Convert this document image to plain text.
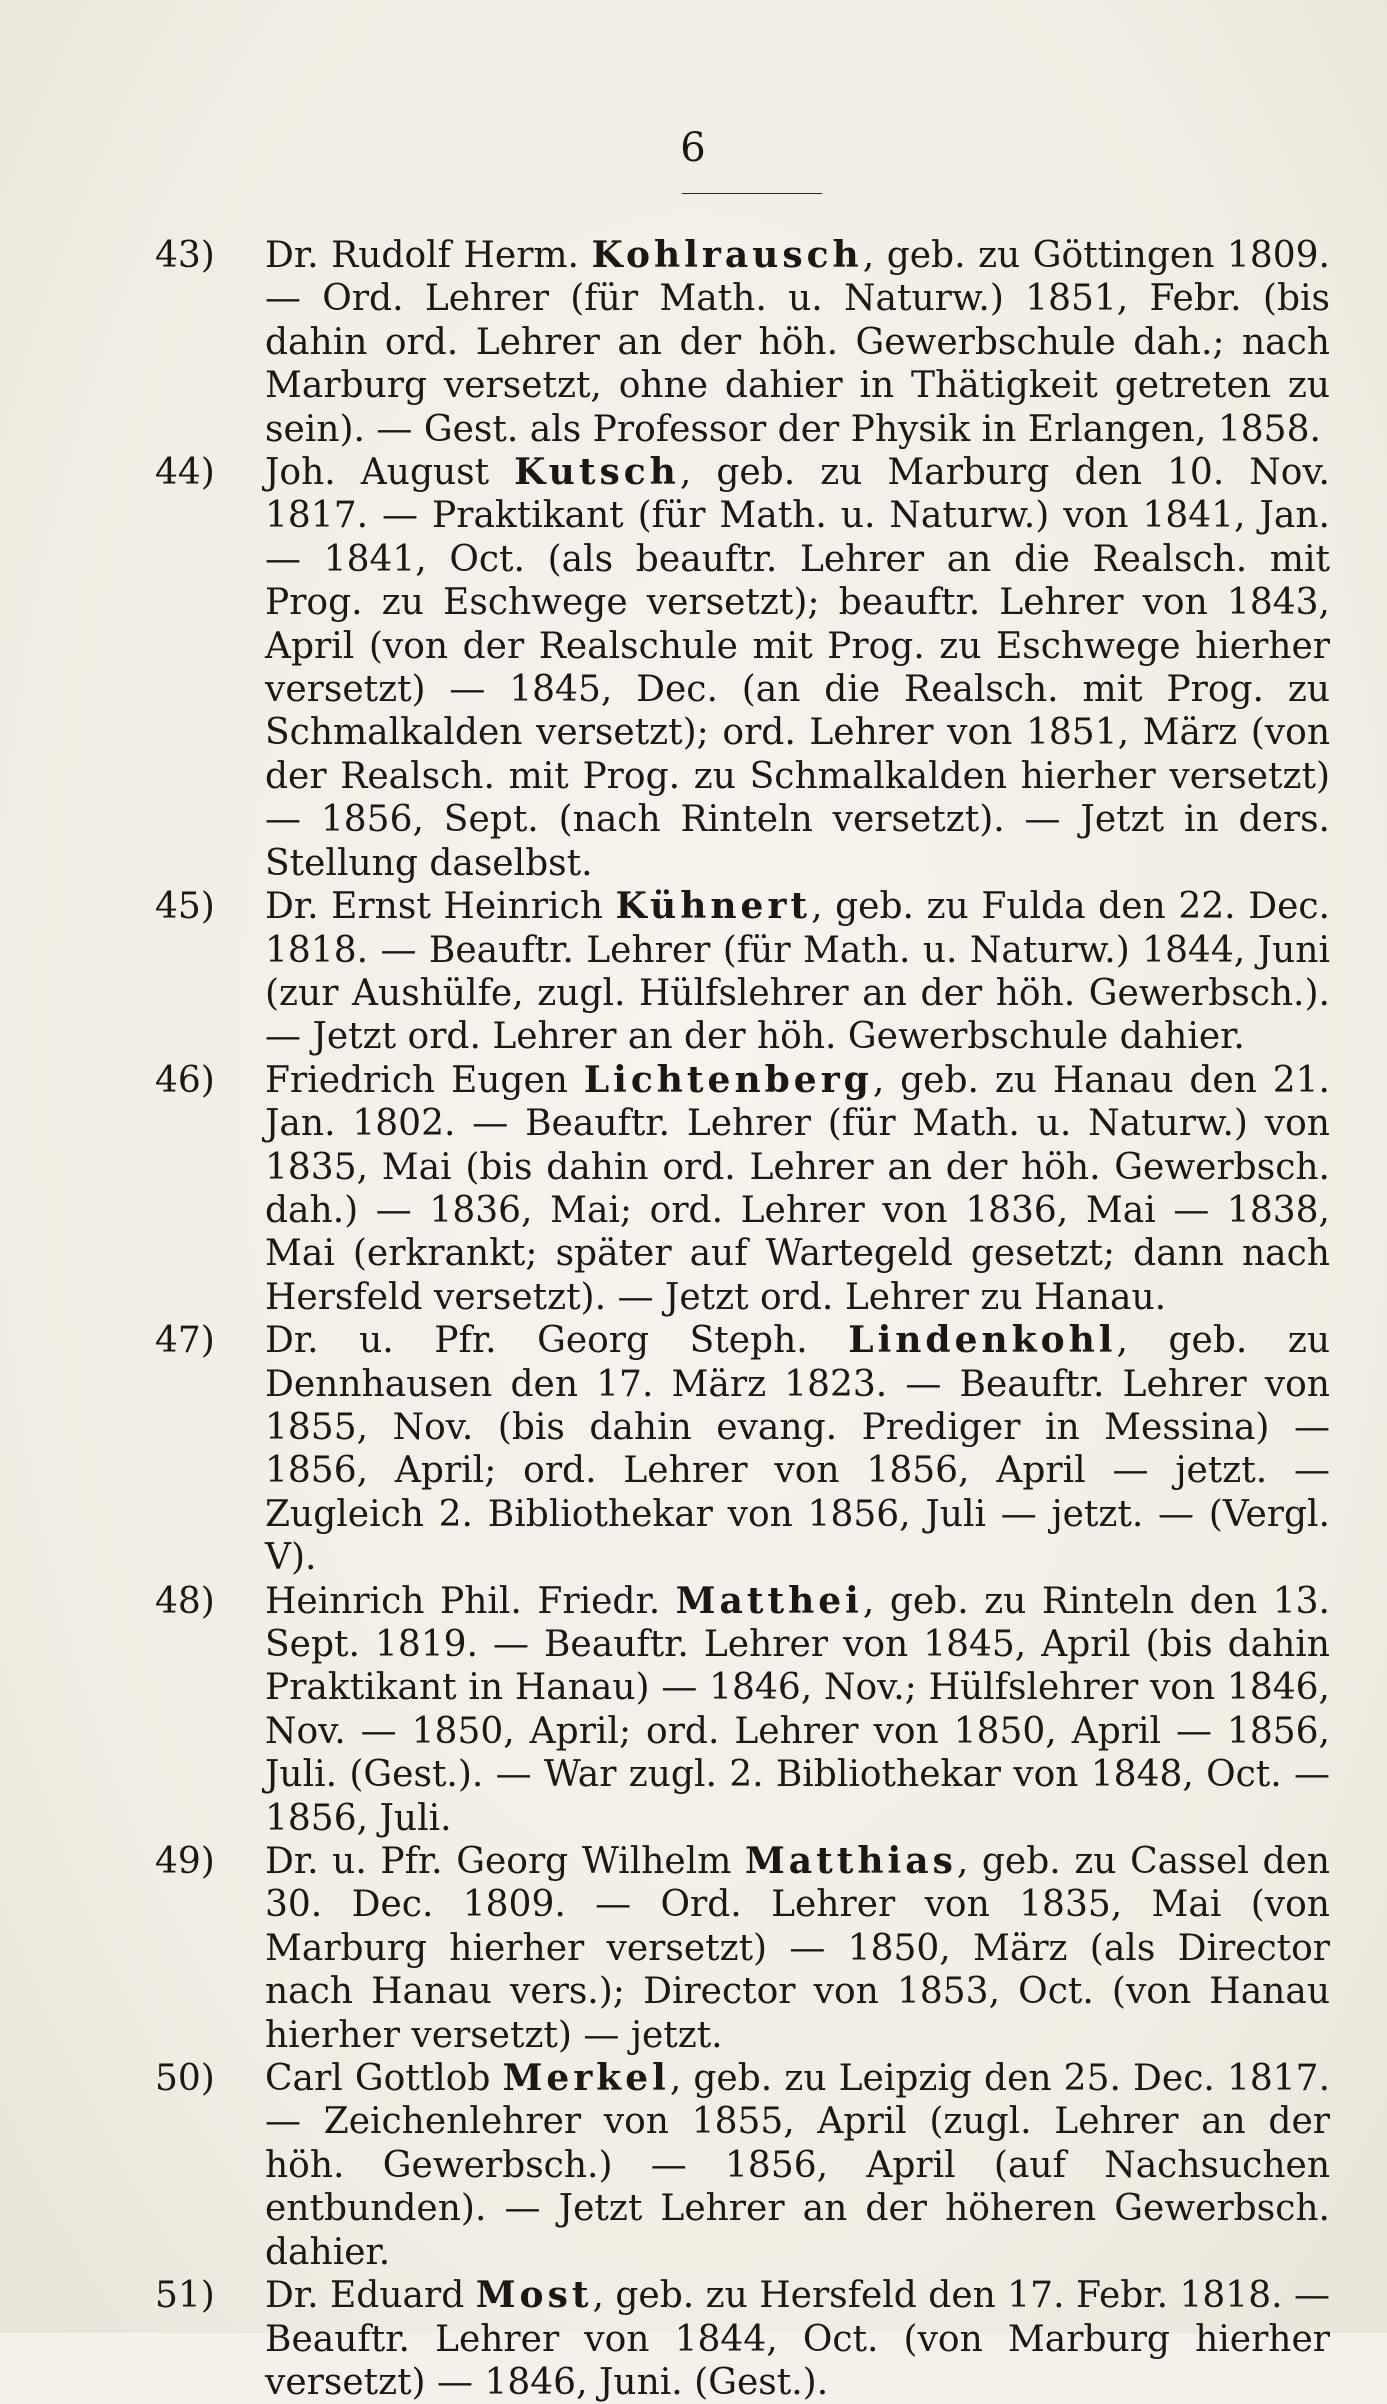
6
43)	Dr. Rudolf Herm. Kohlrausch, geb. zu Göttingen 1809. — Ord. Lehrer (für Math. u. Naturw.) 1851, Febr. (bis dahin ord. Lehrer an der höh. Gewerbschule dah.; nach Marburg versetzt, ohne dahier in Thätigkeit getreten zu sein). — Gest. als Professor der Physik in Erlangen, 1858.
44)	Joh. August Kutsch, geb. zu Marburg den 10. Nov. 1817. — Praktikant (für Math. u. Naturw.) von 1841, Jan. — 1841, Oct. (als beauftr. Lehrer an die Realsch. mit Prog. zu Eschwege versetzt); beauftr. Lehrer von 1843, April (von der Realschule mit Prog. zu Eschwege hierher versetzt) — 1845, Dec. (an die Realsch. mit Prog. zu Schmalkalden versetzt); ord. Lehrer von 1851, März (von der Realsch. mit Prog. zu Schmalkalden hierher versetzt) — 1856, Sept. (nach Rinteln versetzt). — Jetzt in ders. Stellung daselbst.
45)	Dr. Ernst Heinrich Kühnert, geb. zu Fulda den 22. Dec. 1818. — Beauftr. Lehrer (für Math. u. Naturw.) 1844, Juni (zur Aushülfe, zugl. Hülfslehrer an der höh. Gewerbsch.). — Jetzt ord. Lehrer an der höh. Gewerbschule dahier.
46)	Friedrich Eugen Lichtenberg, geb. zu Hanau den 21. Jan. 1802. — Beauftr. Lehrer (für Math. u. Naturw.) von 1835, Mai (bis dahin ord. Lehrer an der höh. Gewerbsch. dah.) — 1836, Mai; ord. Lehrer von 1836, Mai — 1838, Mai (erkrankt; später auf Wartegeld gesetzt; dann nach Hersfeld versetzt). — Jetzt ord. Lehrer zu Hanau.
47)	Dr. u. Pfr. Georg Steph. Lindenkohl, geb. zu Dennhausen den 17. März 1823. — Beauftr. Lehrer von 1855, Nov. (bis dahin evang. Prediger in Messina) — 1856, April; ord. Lehrer von 1856, April — jetzt. — Zugleich 2. Bibliothekar von 1856, Juli — jetzt. — (Vergl. V).
48)	Heinrich Phil. Friedr. Matthei, geb. zu Rinteln den 13. Sept. 1819. — Beauftr. Lehrer von 1845, April (bis dahin Praktikant in Hanau) — 1846, Nov.; Hülfslehrer von 1846, Nov. — 1850, April; ord. Lehrer von 1850, April — 1856, Juli. (Gest.). — War zugl. 2. Bibliothekar von 1848, Oct. — 1856, Juli.
49)	Dr. u. Pfr. Georg Wilhelm Matthias, geb. zu Cassel den 30. Dec. 1809. — Ord. Lehrer von 1835, Mai (von Marburg hierher versetzt) — 1850, März (als Director nach Hanau vers.); Director von 1853, Oct. (von Hanau hierher versetzt) — jetzt.
50)	Carl Gottlob Merkel, geb. zu Leipzig den 25. Dec. 1817. — Zeichenlehrer von 1855, April (zugl. Lehrer an der höh. Gewerbsch.) — 1856, April (auf Nachsuchen entbunden). — Jetzt Lehrer an der höheren Gewerbsch. dahier.
51)	Dr. Eduard Most, geb. zu Hersfeld den 17. Febr. 1818. — Beauftr. Lehrer von 1844, Oct. (von Marburg hierher versetzt) — 1846, Juni. (Gest.).
